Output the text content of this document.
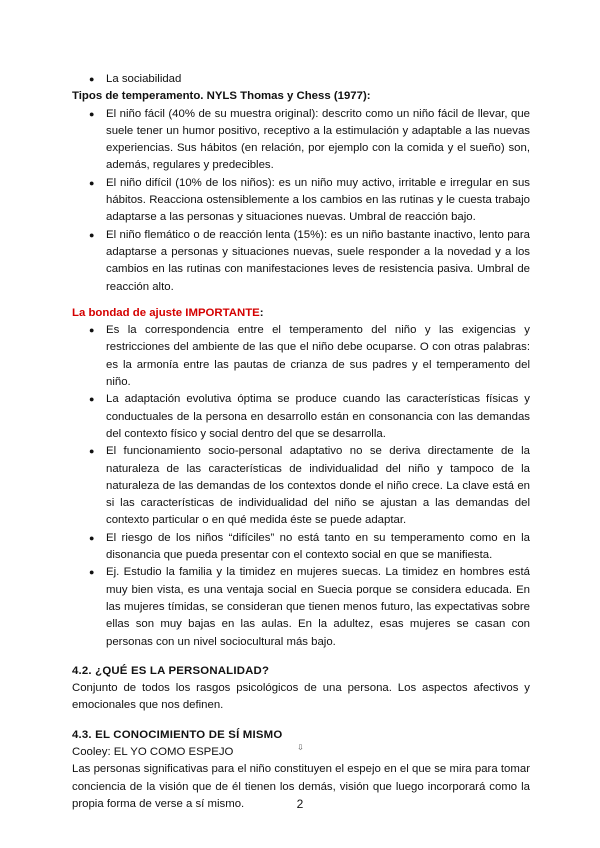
● La sociabilidad

Tipos de temperamento. NYLS Thomas y Chess (1977):

● El niño fácil (40% de su muestra original): descrito como un niño fácil de llevar, que suele tener un humor positivo, receptivo a la estimulación y adaptable a las nuevas experiencias. Sus hábitos (en relación, por ejemplo con la comida y el sueño) son, además, regulares y predecibles.
● El niño difícil (10% de los niños): es un niño muy activo, irritable e irregular en sus hábitos. Reacciona ostensiblemente a los cambios en las rutinas y le cuesta trabajo adaptarse a las personas y situaciones nuevas. Umbral de reacción bajo.
● El niño flemático o de reacción lenta (15%): es un niño bastante inactivo, lento para adaptarse a personas y situaciones nuevas, suele responder a la novedad y a los cambios en las rutinas con manifestaciones leves de resistencia pasiva. Umbral de reacción alto.

La bondad de ajuste IMPORTANTE:

● Es la correspondencia entre el temperamento del niño y las exigencias y restricciones del ambiente de las que el niño debe ocuparse. O con otras palabras: es la armonía entre las pautas de crianza de sus padres y el temperamento del niño.
● La adaptación evolutiva óptima se produce cuando las características físicas y conductuales de la persona en desarrollo están en consonancia con las demandas del contexto físico y social dentro del que se desarrolla.
● El funcionamiento socio-personal adaptativo no se deriva directamente de la naturaleza de las características de individualidad del niño y tampoco de la naturaleza de las demandas de los contextos donde el niño crece. La clave está en si las características de individualidad del niño se ajustan a las demandas del contexto particular o en qué medida éste se puede adaptar.
● El riesgo de los niños “difíciles” no está tanto en su temperamento como en la disonancia que pueda presentar con el contexto social en que se manifiesta.
● Ej. Estudio la familia y la timidez en mujeres suecas. La timidez en hombres está muy bien vista, es una ventaja social en Suecia porque se considera educada. En las mujeres tímidas, se consideran que tienen menos futuro, las expectativas sobre ellas son muy bajas en las aulas. En la adultez, esas mujeres se casan con personas con un nivel sociocultural más bajo.

4.2. ¿QUÉ ES LA PERSONALIDAD?

Conjunto de todos los rasgos psicológicos de una persona. Los aspectos afectivos y emocionales que nos definen.

4.3. EL CONOCIMIENTO DE SÍ MISMO

Cooley: EL YO COMO ESPEJO

Las personas significativas para el niño constituyen el espejo en el que se mira para tomar conciencia de la visión que de él tienen los demás, visión que luego incorporará como la propia forma de verse a sí mismo.

⇩
2
